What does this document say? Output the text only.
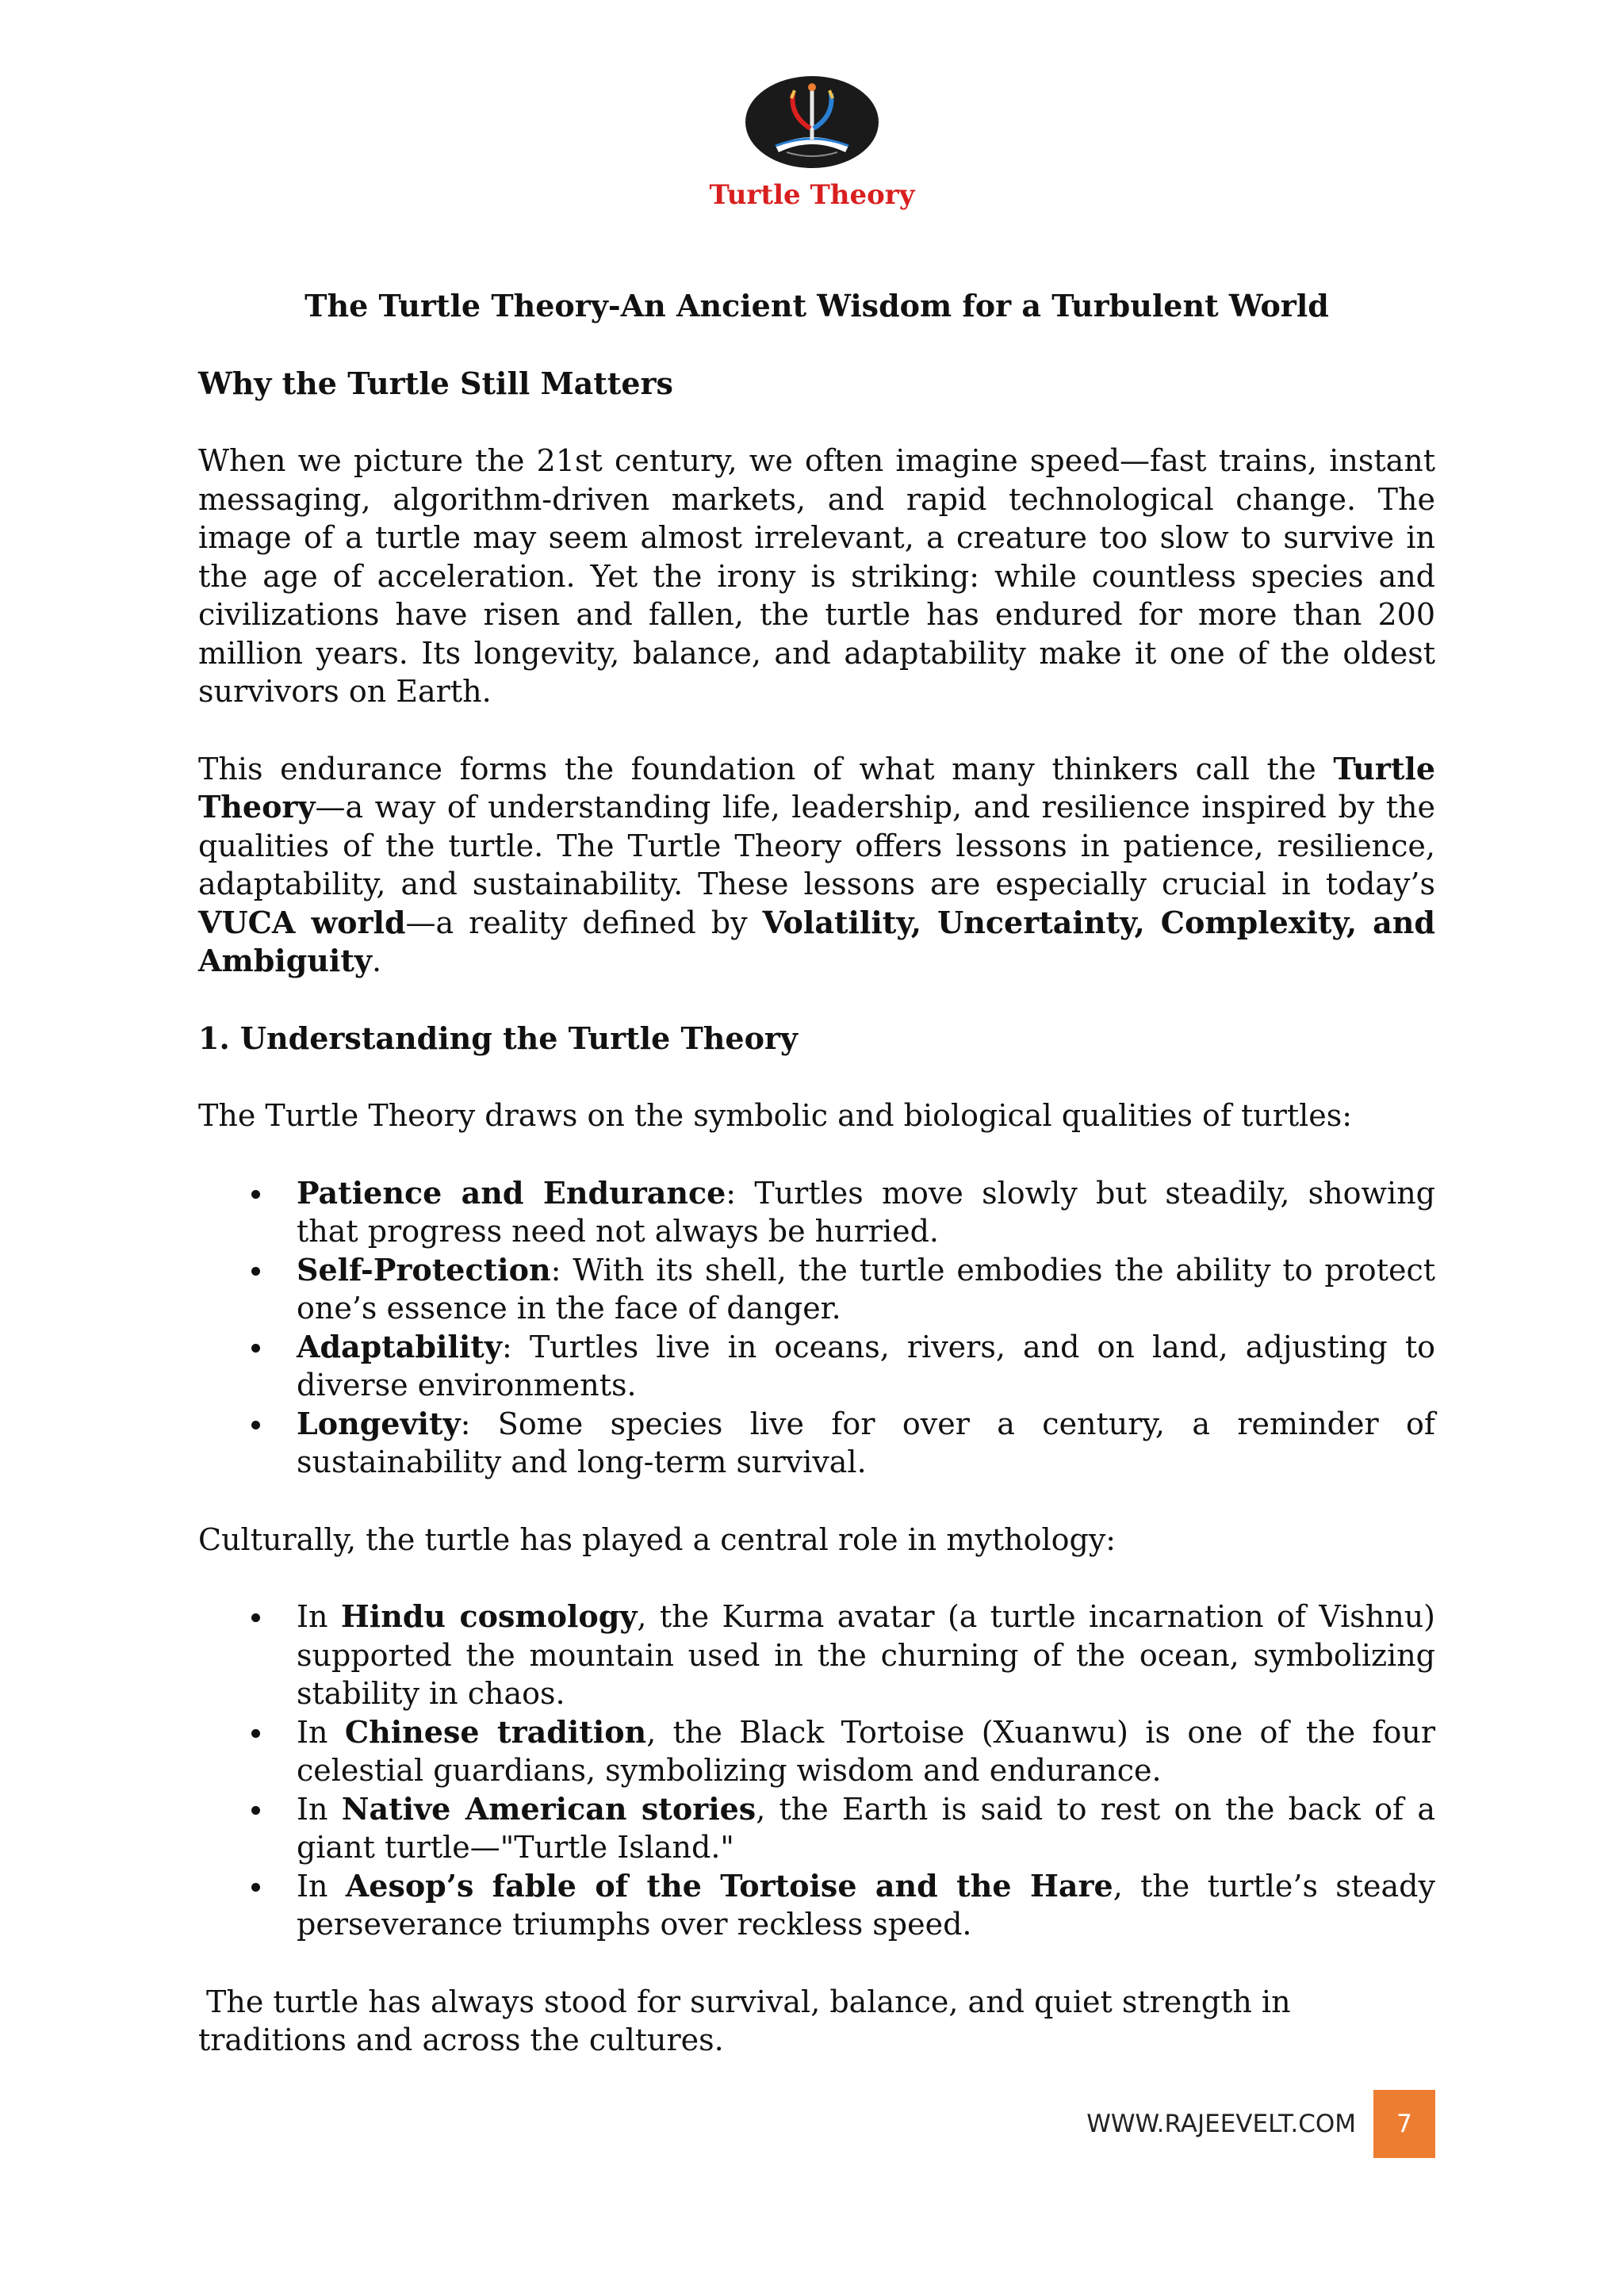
Turtle Theory
The Turtle Theory-An Ancient Wisdom for a Turbulent World
Why the Turtle Still Matters

When we picture the 21st century, we often imagine speed—fast trains, instant messaging, algorithm-driven markets, and rapid technological change. The image of a turtle may seem almost irrelevant, a creature too slow to survive in the age of acceleration. Yet the irony is striking: while countless species and civilizations have risen and fallen, the turtle has endured for more than 200 million years. Its longevity, balance, and adaptability make it one of the oldest survivors on Earth.

This endurance forms the foundation of what many thinkers call the Turtle Theory—a way of understanding life, leadership, and resilience inspired by the qualities of the turtle. The Turtle Theory offers lessons in patience, resilience, adaptability, and sustainability. These lessons are especially crucial in today’s VUCA world—a reality defined by Volatility, Uncertainty, Complexity, and Ambiguity.

1. Understanding the Turtle Theory

The Turtle Theory draws on the symbolic and biological qualities of turtles:

Patience and Endurance: Turtles move slowly but steadily, showing that progress need not always be hurried.
Self-Protection: With its shell, the turtle embodies the ability to protect one’s essence in the face of danger.
Adaptability: Turtles live in oceans, rivers, and on land, adjusting to diverse environments.
Longevity: Some species live for over a century, a reminder of sustainability and long-term survival.

Culturally, the turtle has played a central role in mythology:

In Hindu cosmology, the Kurma avatar (a turtle incarnation of Vishnu) supported the mountain used in the churning of the ocean, symbolizing stability in chaos.
In Chinese tradition, the Black Tortoise (Xuanwu) is one of the four celestial guardians, symbolizing wisdom and endurance.
In Native American stories, the Earth is said to rest on the back of a giant turtle—"Turtle Island."
In Aesop’s fable of the Tortoise and the Hare, the turtle’s steady perseverance triumphs over reckless speed.

The turtle has always stood for survival, balance, and quiet strength in traditions and across the cultures.

WWW.RAJEEVELT.COM	7
